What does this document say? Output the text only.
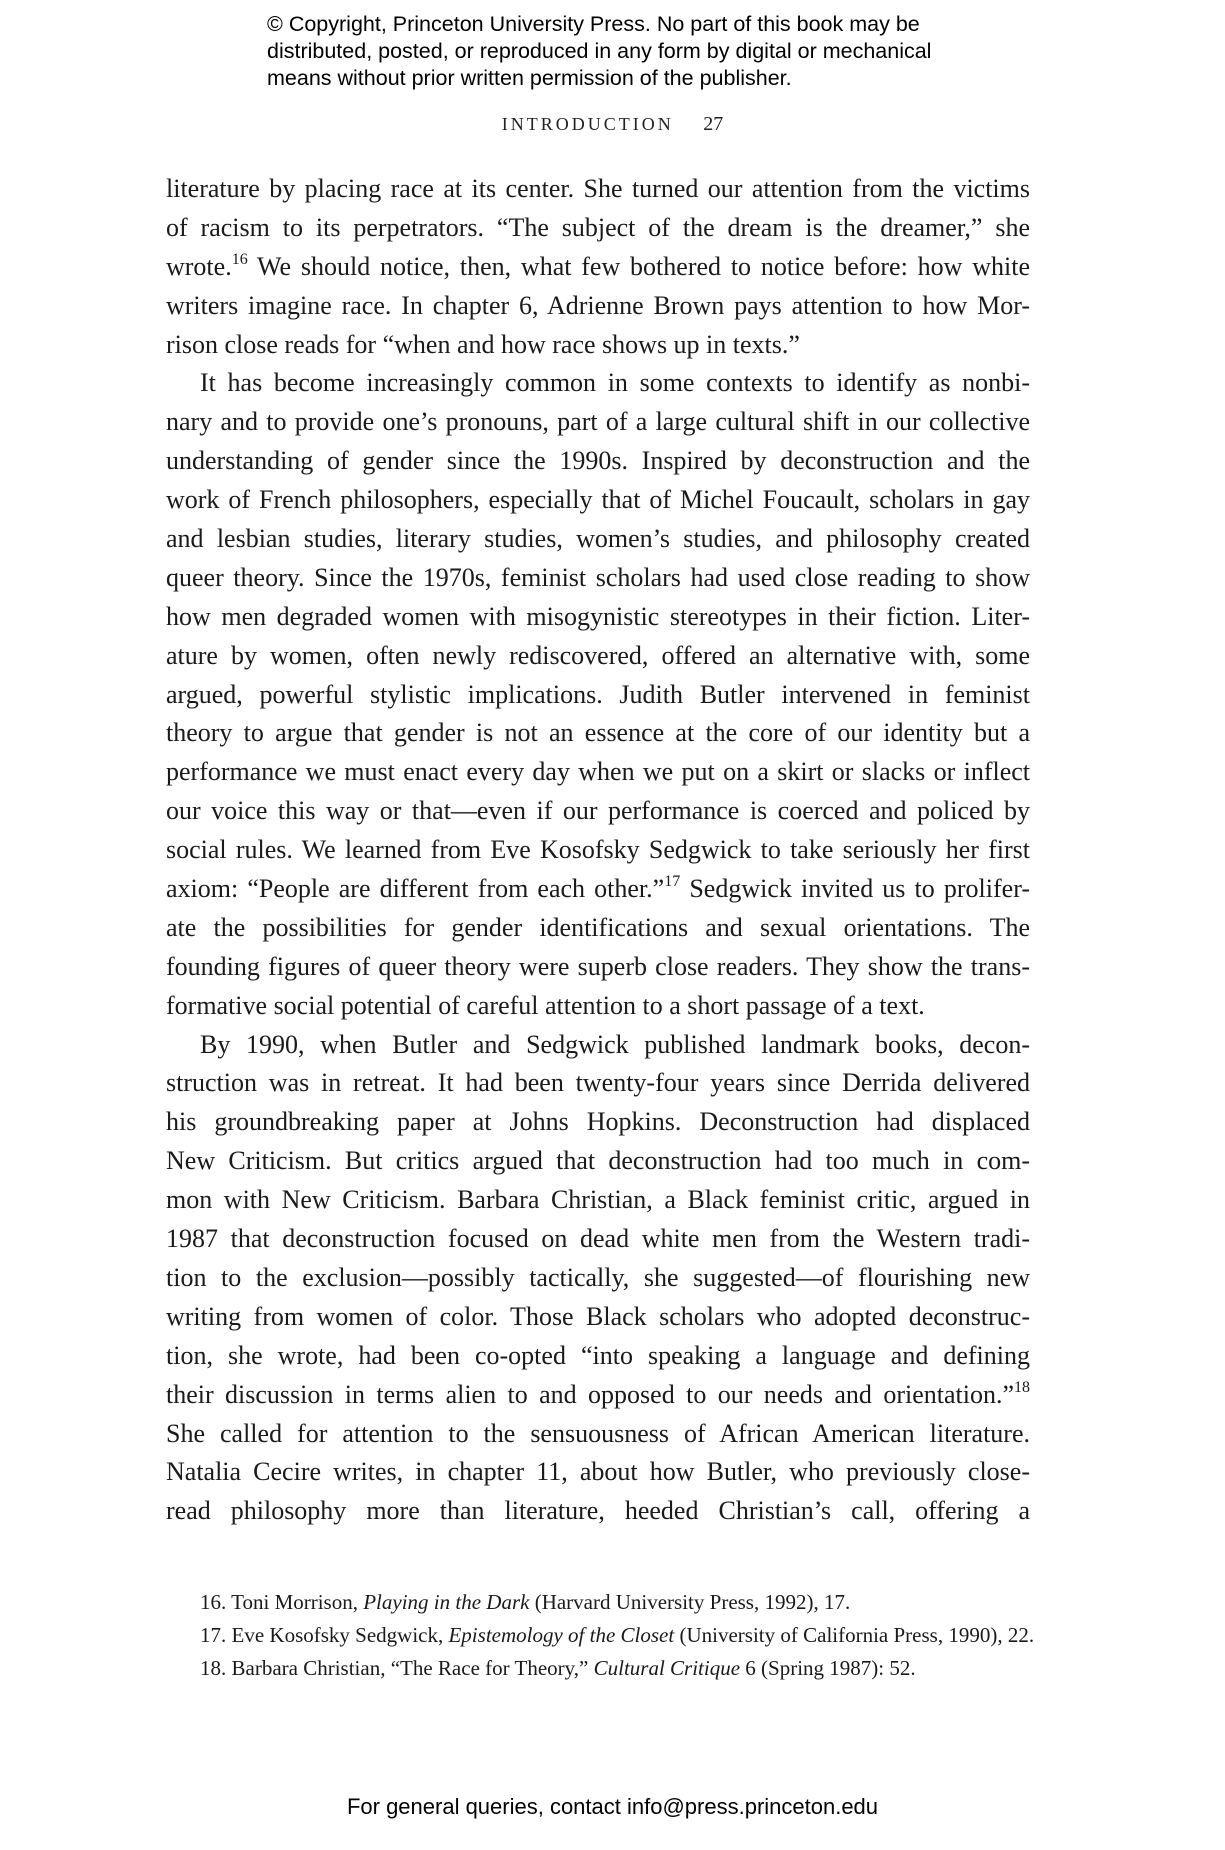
© Copyright, Princeton University Press. No part of this book may be
distributed, posted, or reproduced in any form by digital or mechanical
means without prior written permission of the publisher.
INTRODUCTION 27
literature by placing race at its center. She turned our attention from the victims
of racism to its perpetrators. “The subject of the dream is the dreamer,” she
wrote.$^{16}$ We should notice, then, what few bothered to notice before: how white
writers imagine race. In chapter 6, Adrienne Brown pays attention to how Mor-
rison close reads for “when and how race shows up in texts.”
It has become increasingly common in some contexts to identify as nonbi-
nary and to provide one’s pronouns, part of a large cultural shift in our collective
understanding of gender since the 1990s. Inspired by deconstruction and the
work of French philosophers, especially that of Michel Foucault, scholars in gay
and lesbian studies, literary studies, women’s studies, and philosophy created
queer theory. Since the 1970s, feminist scholars had used close reading to show
how men degraded women with misogynistic stereotypes in their fiction. Liter-
ature by women, often newly rediscovered, offered an alternative with, some
argued, powerful stylistic implications. Judith Butler intervened in feminist
theory to argue that gender is not an essence at the core of our identity but a
performance we must enact every day when we put on a skirt or slacks or inflect
our voice this way or that—even if our performance is coerced and policed by
social rules. We learned from Eve Kosofsky Sedgwick to take seriously her first
axiom: “People are different from each other.”$^{17}$ Sedgwick invited us to prolifer-
ate the possibilities for gender identifications and sexual orientations. The
founding figures of queer theory were superb close readers. They show the trans-
formative social potential of careful attention to a short passage of a text.
By 1990, when Butler and Sedgwick published landmark books, decon-
struction was in retreat. It had been twenty-four years since Derrida delivered
his groundbreaking paper at Johns Hopkins. Deconstruction had displaced
New Criticism. But critics argued that deconstruction had too much in com-
mon with New Criticism. Barbara Christian, a Black feminist critic, argued in
1987 that deconstruction focused on dead white men from the Western tradi-
tion to the exclusion—possibly tactically, she suggested—of flourishing new
writing from women of color. Those Black scholars who adopted deconstruc-
tion, she wrote, had been co-opted “into speaking a language and defining
their discussion in terms alien to and opposed to our needs and orientation.”$^{18}$
She called for attention to the sensuousness of African American literature.
Natalia Cecire writes, in chapter 11, about how Butler, who previously close-
read philosophy more than literature, heeded Christian’s call, offering a
16. Toni Morrison, Playing in the Dark (Harvard University Press, 1992), 17.
17. Eve Kosofsky Sedgwick, Epistemology of the Closet (University of California Press, 1990), 22.
18. Barbara Christian, “The Race for Theory,” Cultural Critique 6 (Spring 1987): 52.
For general queries, contact info@press.princeton.edu
